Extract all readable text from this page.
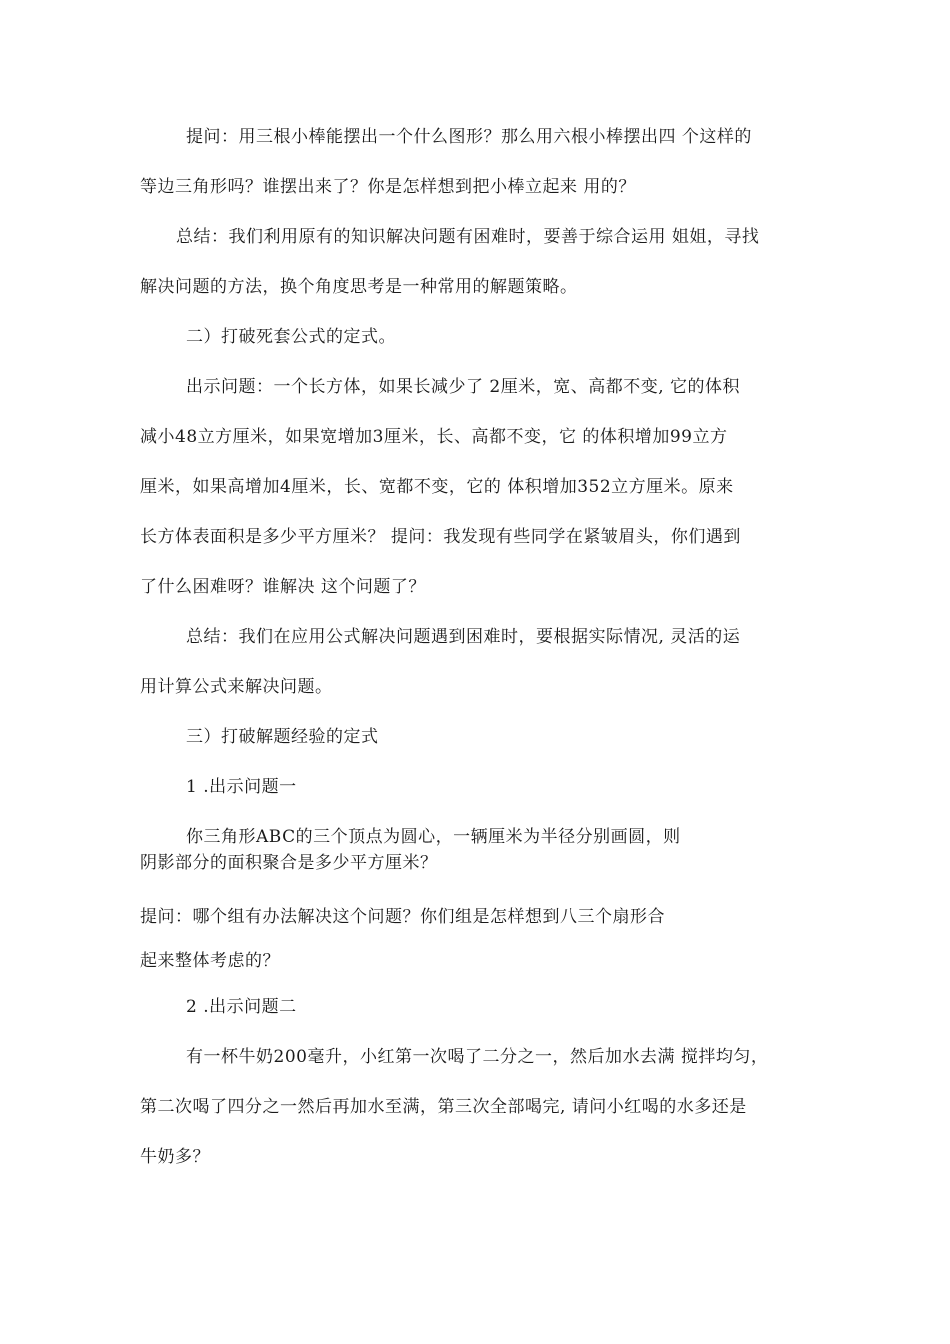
提问：用三根小棒能摆出一个什么图形？那么用六根小棒摆出四 个这样的
等边三角形吗？谁摆出来了？你是怎样想到把小棒立起来 用的？
总结：我们利用原有的知识解决问题有困难时，要善于综合运用 姐姐，寻找
解决问题的方法，换个角度思考是一种常用的解题策略。
二）打破死套公式的定式。
出示问题：一个长方体，如果长减少了 2厘米，宽、高都不变, 它的体积
减小48立方厘米，如果宽增加3厘米，长、高都不变，它 的体积增加99立方
厘米，如果高增加4厘米，长、宽都不变，它的 体积增加352立方厘米。原来
长方体表面积是多少平方厘米？ 提问：我发现有些同学在紧皱眉头，你们遇到
了什么困难呀？谁解决 这个问题了？
总结：我们在应用公式解决问题遇到困难时，要根据实际情况, 灵活的运
用计算公式来解决问题。
三）打破解题经验的定式
1 .出示问题一
你三角形ABC的三个顶点为圆心，一辆厘米为半径分别画圆，则
阴影部分的面积聚合是多少平方厘米？
提问：哪个组有办法解决这个问题？你们组是怎样想到八三个扇形合
起来整体考虑的？
2 .出示问题二
有一杯牛奶200毫升，小红第一次喝了二分之一，然后加水去满 搅拌均匀，
第二次喝了四分之一然后再加水至满，第三次全部喝完, 请问小红喝的水多还是
牛奶多？
